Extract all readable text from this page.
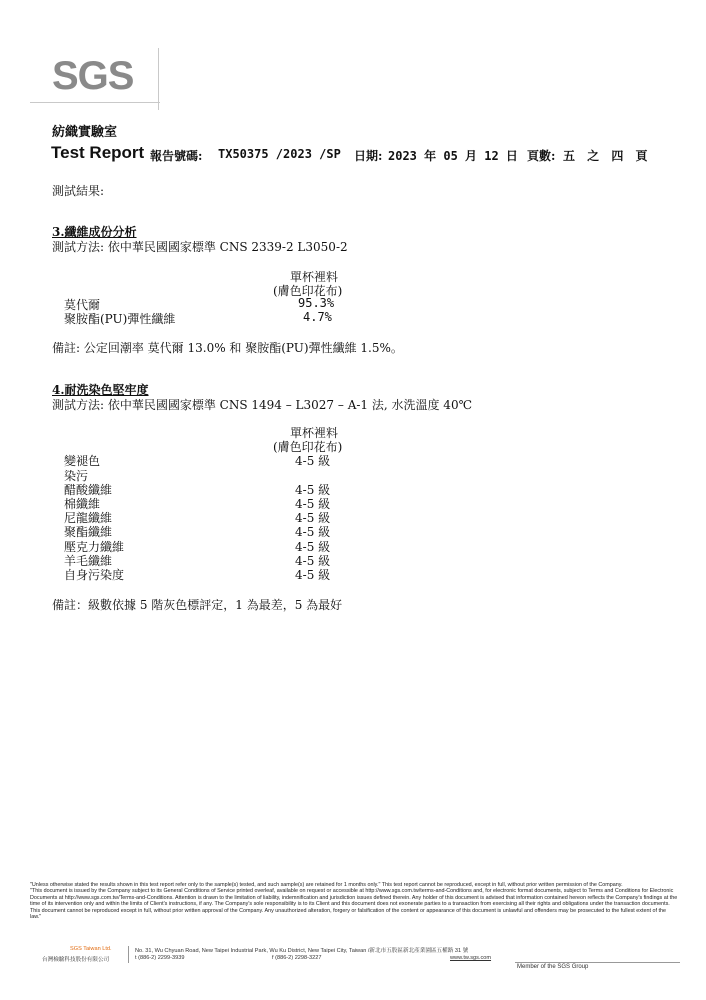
SGS
紡織實驗室
Test Report 報告號碼: TX50375 /2023 /SP 日期: 2023 年 05 月 12 日 頁數: 五 之 四 頁
測試結果:
3.纖維成份分析
測試方法: 依中華民國國家標準 CNS 2339-2 L3050-2
單杯裡料
(膚色印花布)
莫代爾	95.3%
聚胺酯(PU)彈性纖維	4.7%
備註: 公定回潮率 莫代爾 13.0% 和 聚胺酯(PU)彈性纖維 1.5%。
4.耐洗染色堅牢度
測試方法: 依中華民國國家標準 CNS 1494 – L3027 – A-1 法, 水洗溫度 40℃
單杯裡料
(膚色印花布)
變褪色	4-5 級
染污
醋酸纖維	4-5 級
棉纖維	4-5 級
尼龍纖維	4-5 級
聚酯纖維	4-5 級
壓克力纖維	4-5 級
羊毛纖維	4-5 級
自身污染度	4-5 級
備註：級數依據 5 階灰色標評定，1 為最差，5 為最好

"Unless otherwise stated the results shown in this test report refer only to the sample(s) tested, and such sample(s) are retained for 1 months only." This test report cannot be reproduced, except in full, without prior written permission of the Company.

"This document is issued by the Company subject to its General Conditions of Service printed overleaf, available on request or accessible at http://www.sgs.com.tw/terms-and-Conditions and, for electronic format documents, subject to Terms and Conditions for Electronic Documents at http://www.sgs.com.tw/Terms-and-Conditions. Attention is drawn to the limitation of liability, indemnification and jurisdiction issues defined therein. Any holder of this document is advised that information contained hereon reflects the Company's findings at the time of its intervention only and within the limits of Client's instructions, if any. The Company's sole responsibility is to its Client and this document does not exonerate parties to a transaction from exercising all their rights and obligations under the transaction documents. This document cannot be reproduced except in full, without prior written approval of the Company. Any unauthorized alteration, forgery or falsification of the content or appearance of this document is unlawful and offenders may be prosecuted to the fullest extent of the law."

SGS Taiwan Ltd.
台灣檢驗科技股份有限公司
No. 31, Wu Chyuan Road, New Taipei Industrial Park, Wu Ku District, New Taipei City, Taiwan /新北市五股區新北產業園區五權路 31 號
t (886-2) 2299-3939	f (886-2) 2298-3227	www.tw.sgs.com
Member of the SGS Group
